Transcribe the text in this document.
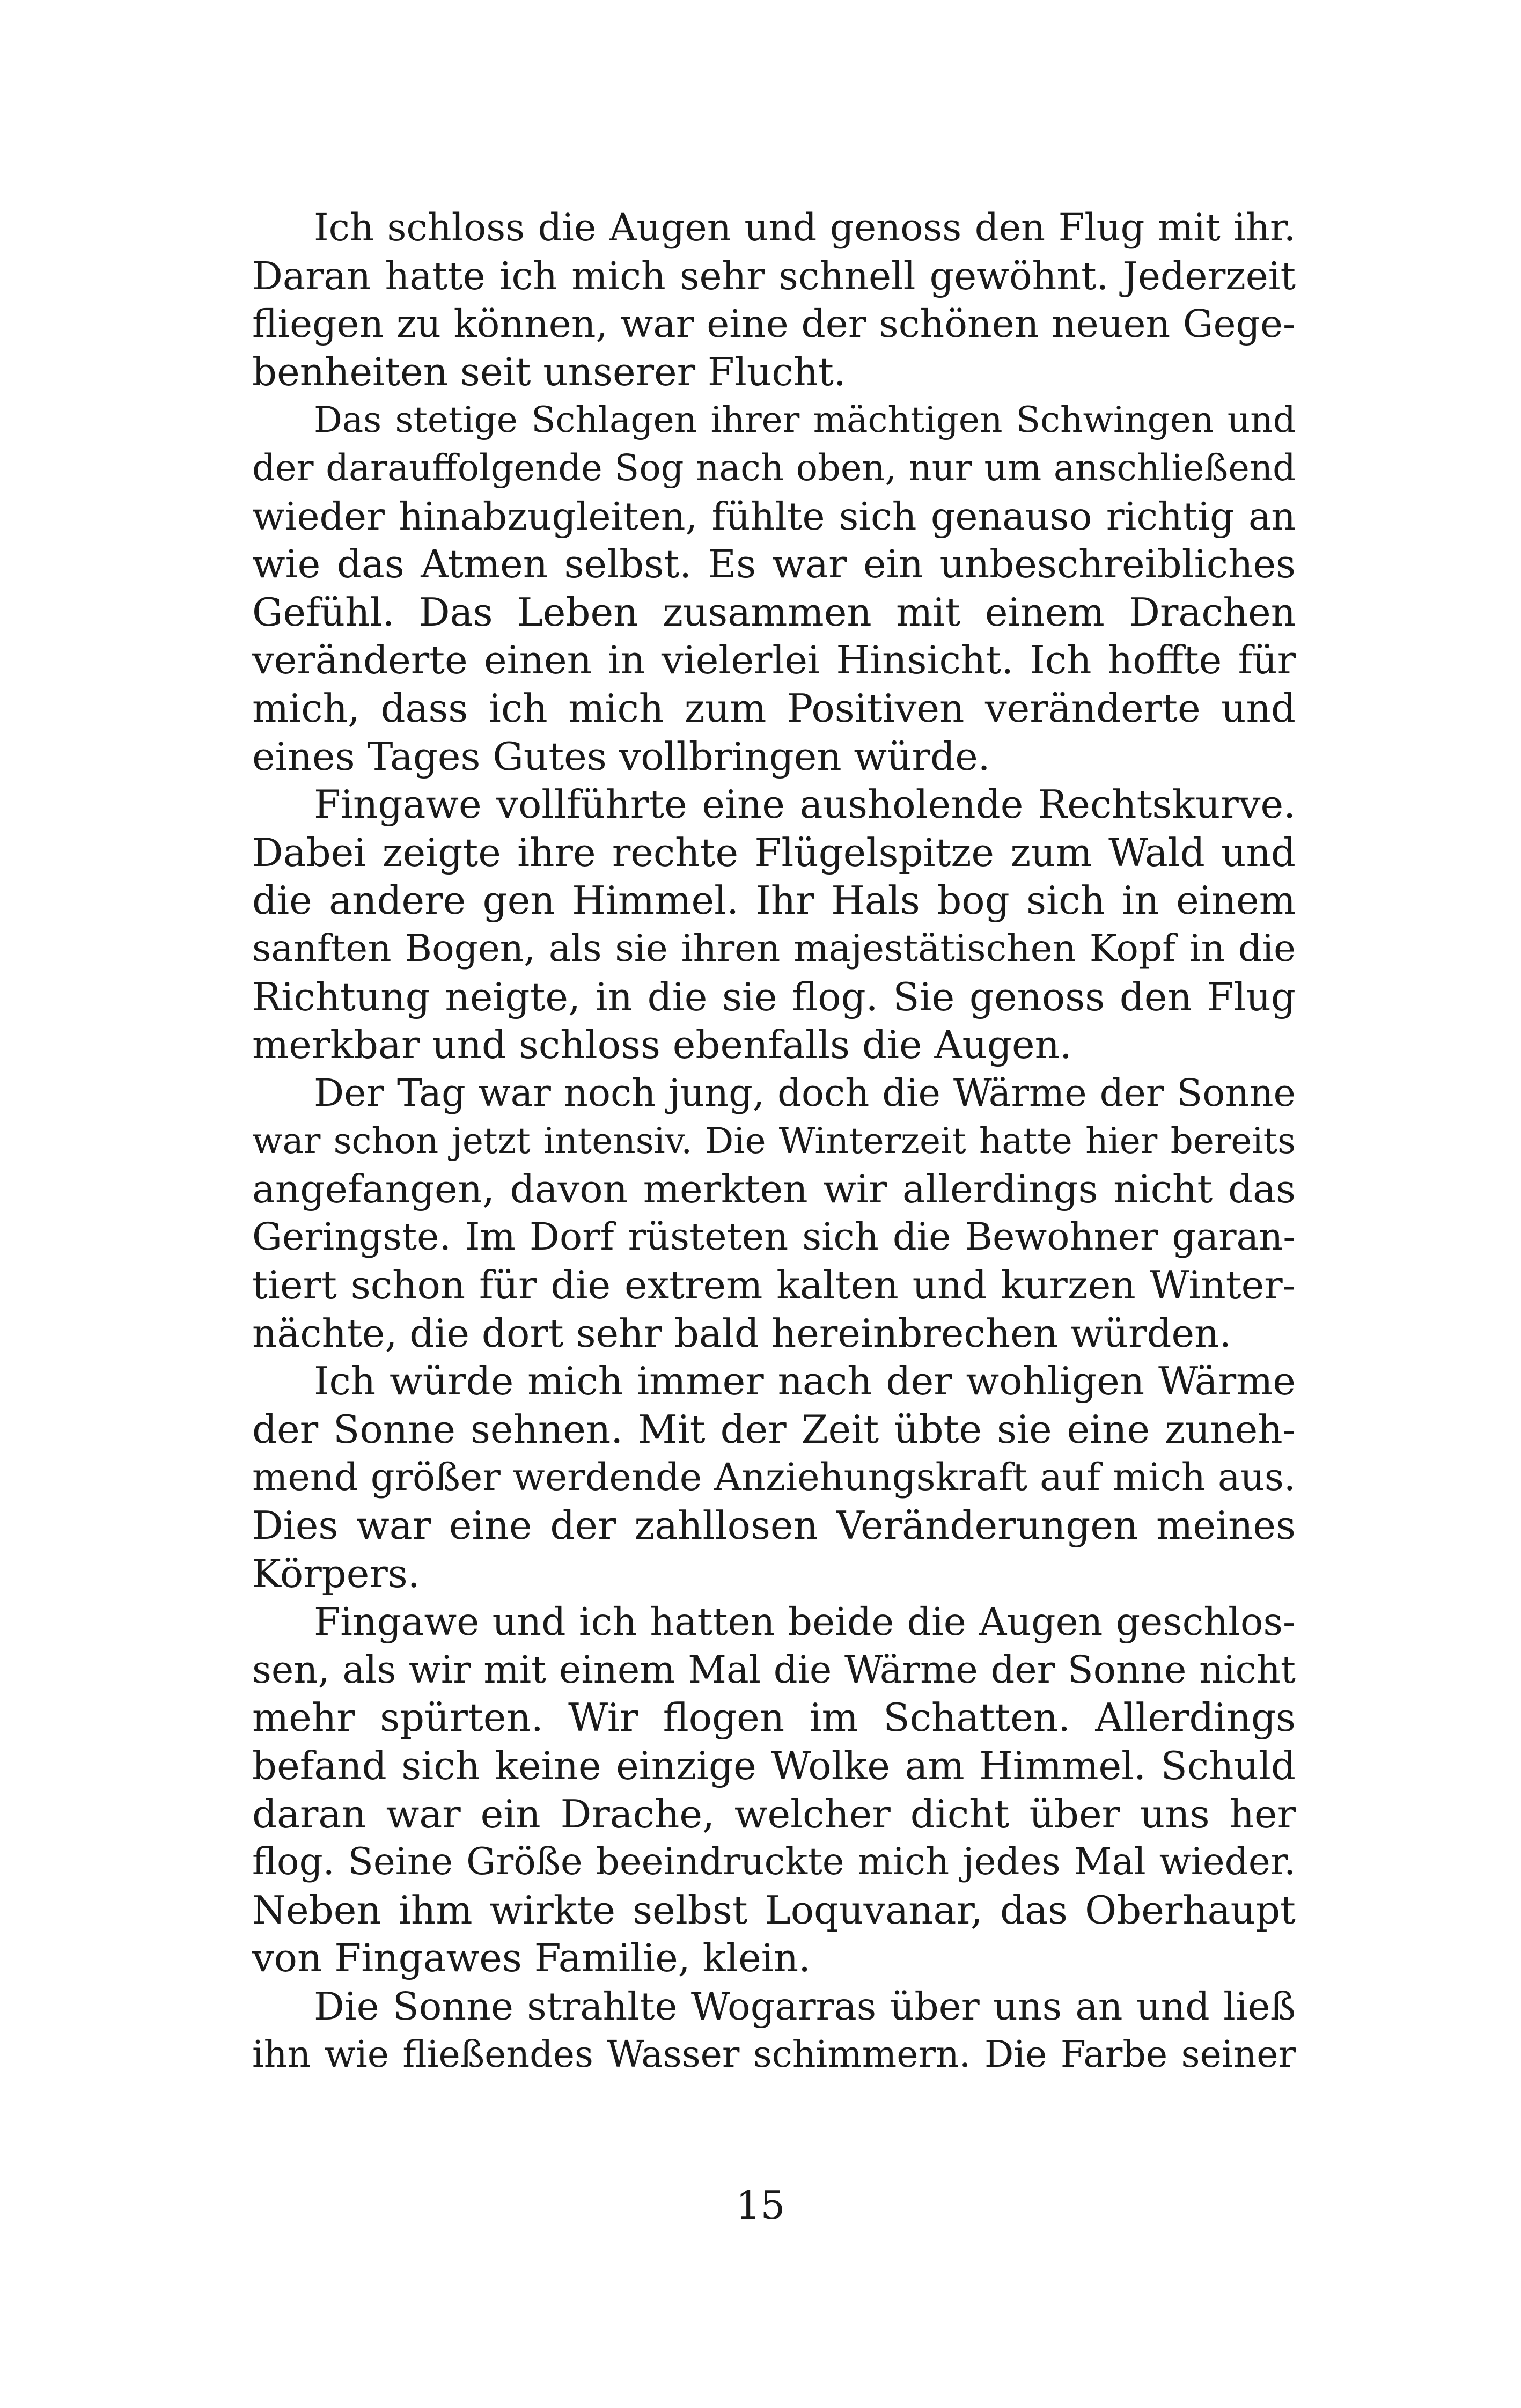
Ich schloss die Augen und genoss den Flug mit ihr.
Daran hatte ich mich sehr schnell gewöhnt. Jederzeit
fliegen zu können, war eine der schönen neuen Gege-
benheiten seit unserer Flucht.
Das stetige Schlagen ihrer mächtigen Schwingen und
der darauffolgende Sog nach oben, nur um anschließend
wieder hinabzugleiten, fühlte sich genauso richtig an
wie das Atmen selbst. Es war ein unbeschreibliches
Gefühl. Das Leben zusammen mit einem Drachen
veränderte einen in vielerlei Hinsicht. Ich hoffte für
mich, dass ich mich zum Positiven veränderte und
eines Tages Gutes vollbringen würde.
Fingawe vollführte eine ausholende Rechtskurve.
Dabei zeigte ihre rechte Flügelspitze zum Wald und
die andere gen Himmel. Ihr Hals bog sich in einem
sanften Bogen, als sie ihren majestätischen Kopf in die
Richtung neigte, in die sie flog. Sie genoss den Flug
merkbar und schloss ebenfalls die Augen.
Der Tag war noch jung, doch die Wärme der Sonne
war schon jetzt intensiv. Die Winterzeit hatte hier bereits
angefangen, davon merkten wir allerdings nicht das
Geringste. Im Dorf rüsteten sich die Bewohner garan-
tiert schon für die extrem kalten und kurzen Winter-
nächte, die dort sehr bald hereinbrechen würden.
Ich würde mich immer nach der wohligen Wärme
der Sonne sehnen. Mit der Zeit übte sie eine zuneh-
mend größer werdende Anziehungskraft auf mich aus.
Dies war eine der zahllosen Veränderungen meines
Körpers.
Fingawe und ich hatten beide die Augen geschlos-
sen, als wir mit einem Mal die Wärme der Sonne nicht
mehr spürten. Wir flogen im Schatten. Allerdings
befand sich keine einzige Wolke am Himmel. Schuld
daran war ein Drache, welcher dicht über uns her
flog. Seine Größe beeindruckte mich jedes Mal wieder.
Neben ihm wirkte selbst Loquvanar, das Oberhaupt
von Fingawes Familie, klein.
Die Sonne strahlte Wogarras über uns an und ließ
ihn wie fließendes Wasser schimmern. Die Farbe seiner
15
